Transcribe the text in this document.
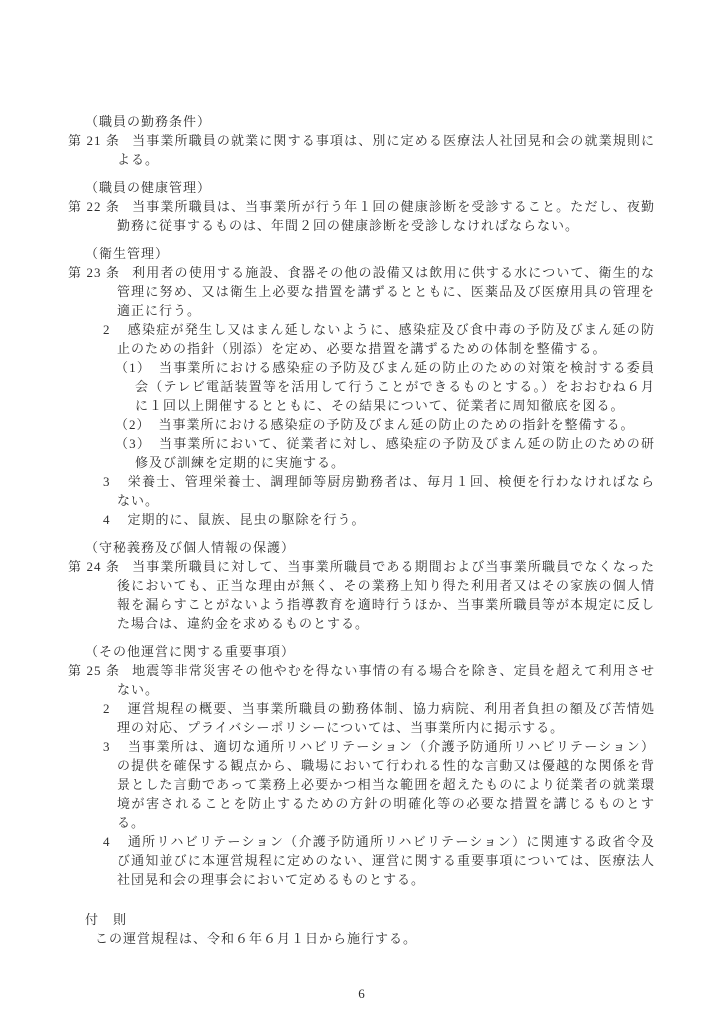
（職員の勤務条件）

第 21 条 当事業所職員の就業に関する事項は、別に定める医療法人社団晃和会の就業規則による。

（職員の健康管理）

第 22 条 当事業所職員は、当事業所が行う年１回の健康診断を受診すること。ただし、夜勤勤務に従事するものは、年間２回の健康診断を受診しなければならない。

（衛生管理）

第 23 条 利用者の使用する施設、食器その他の設備又は飲用に供する水について、衛生的な管理に努め、又は衛生上必要な措置を講ずるとともに、医薬品及び医療用具の管理を適正に行う。

2 感染症が発生し又はまん延しないように、感染症及び食中毒の予防及びまん延の防止のための指針（別添）を定め、必要な措置を講ずるための体制を整備する。

（1） 当事業所における感染症の予防及びまん延の防止のための対策を検討する委員会（テレビ電話装置等を活用して行うことができるものとする。）をおおむね６月に１回以上開催するとともに、その結果について、従業者に周知徹底を図る。

（2） 当事業所における感染症の予防及びまん延の防止のための指針を整備する。

（3） 当事業所において、従業者に対し、感染症の予防及びまん延の防止のための研修及び訓練を定期的に実施する。

3 栄養士、管理栄養士、調理師等厨房勤務者は、毎月１回、検便を行わなければならない。

4 定期的に、鼠族、昆虫の駆除を行う。

（守秘義務及び個人情報の保護）

第 24 条 当事業所職員に対して、当事業所職員である期間および当事業所職員でなくなった後においても、正当な理由が無く、その業務上知り得た利用者又はその家族の個人情報を漏らすことがないよう指導教育を適時行うほか、当事業所職員等が本規定に反した場合は、違約金を求めるものとする。

（その他運営に関する重要事項）

第 25 条 地震等非常災害その他やむを得ない事情の有る場合を除き、定員を超えて利用させない。

2 運営規程の概要、当事業所職員の勤務体制、協力病院、利用者負担の額及び苦情処理の対応、プライバシーポリシーについては、当事業所内に掲示する。

3 当事業所は、適切な通所リハビリテーション（介護予防通所リハビリテーション）の提供を確保する観点から、職場において行われる性的な言動又は優越的な関係を背景とした言動であって業務上必要かつ相当な範囲を超えたものにより従業者の就業環境が害されることを防止するための方針の明確化等の必要な措置を講じるものとする。

4 通所リハビリテーション（介護予防通所リハビリテーション）に関連する政省令及び通知並びに本運営規程に定めのない、運営に関する重要事項については、医療法人社団晃和会の理事会において定めるものとする。

付　則

この運営規程は、令和６年６月１日から施行する。

6
